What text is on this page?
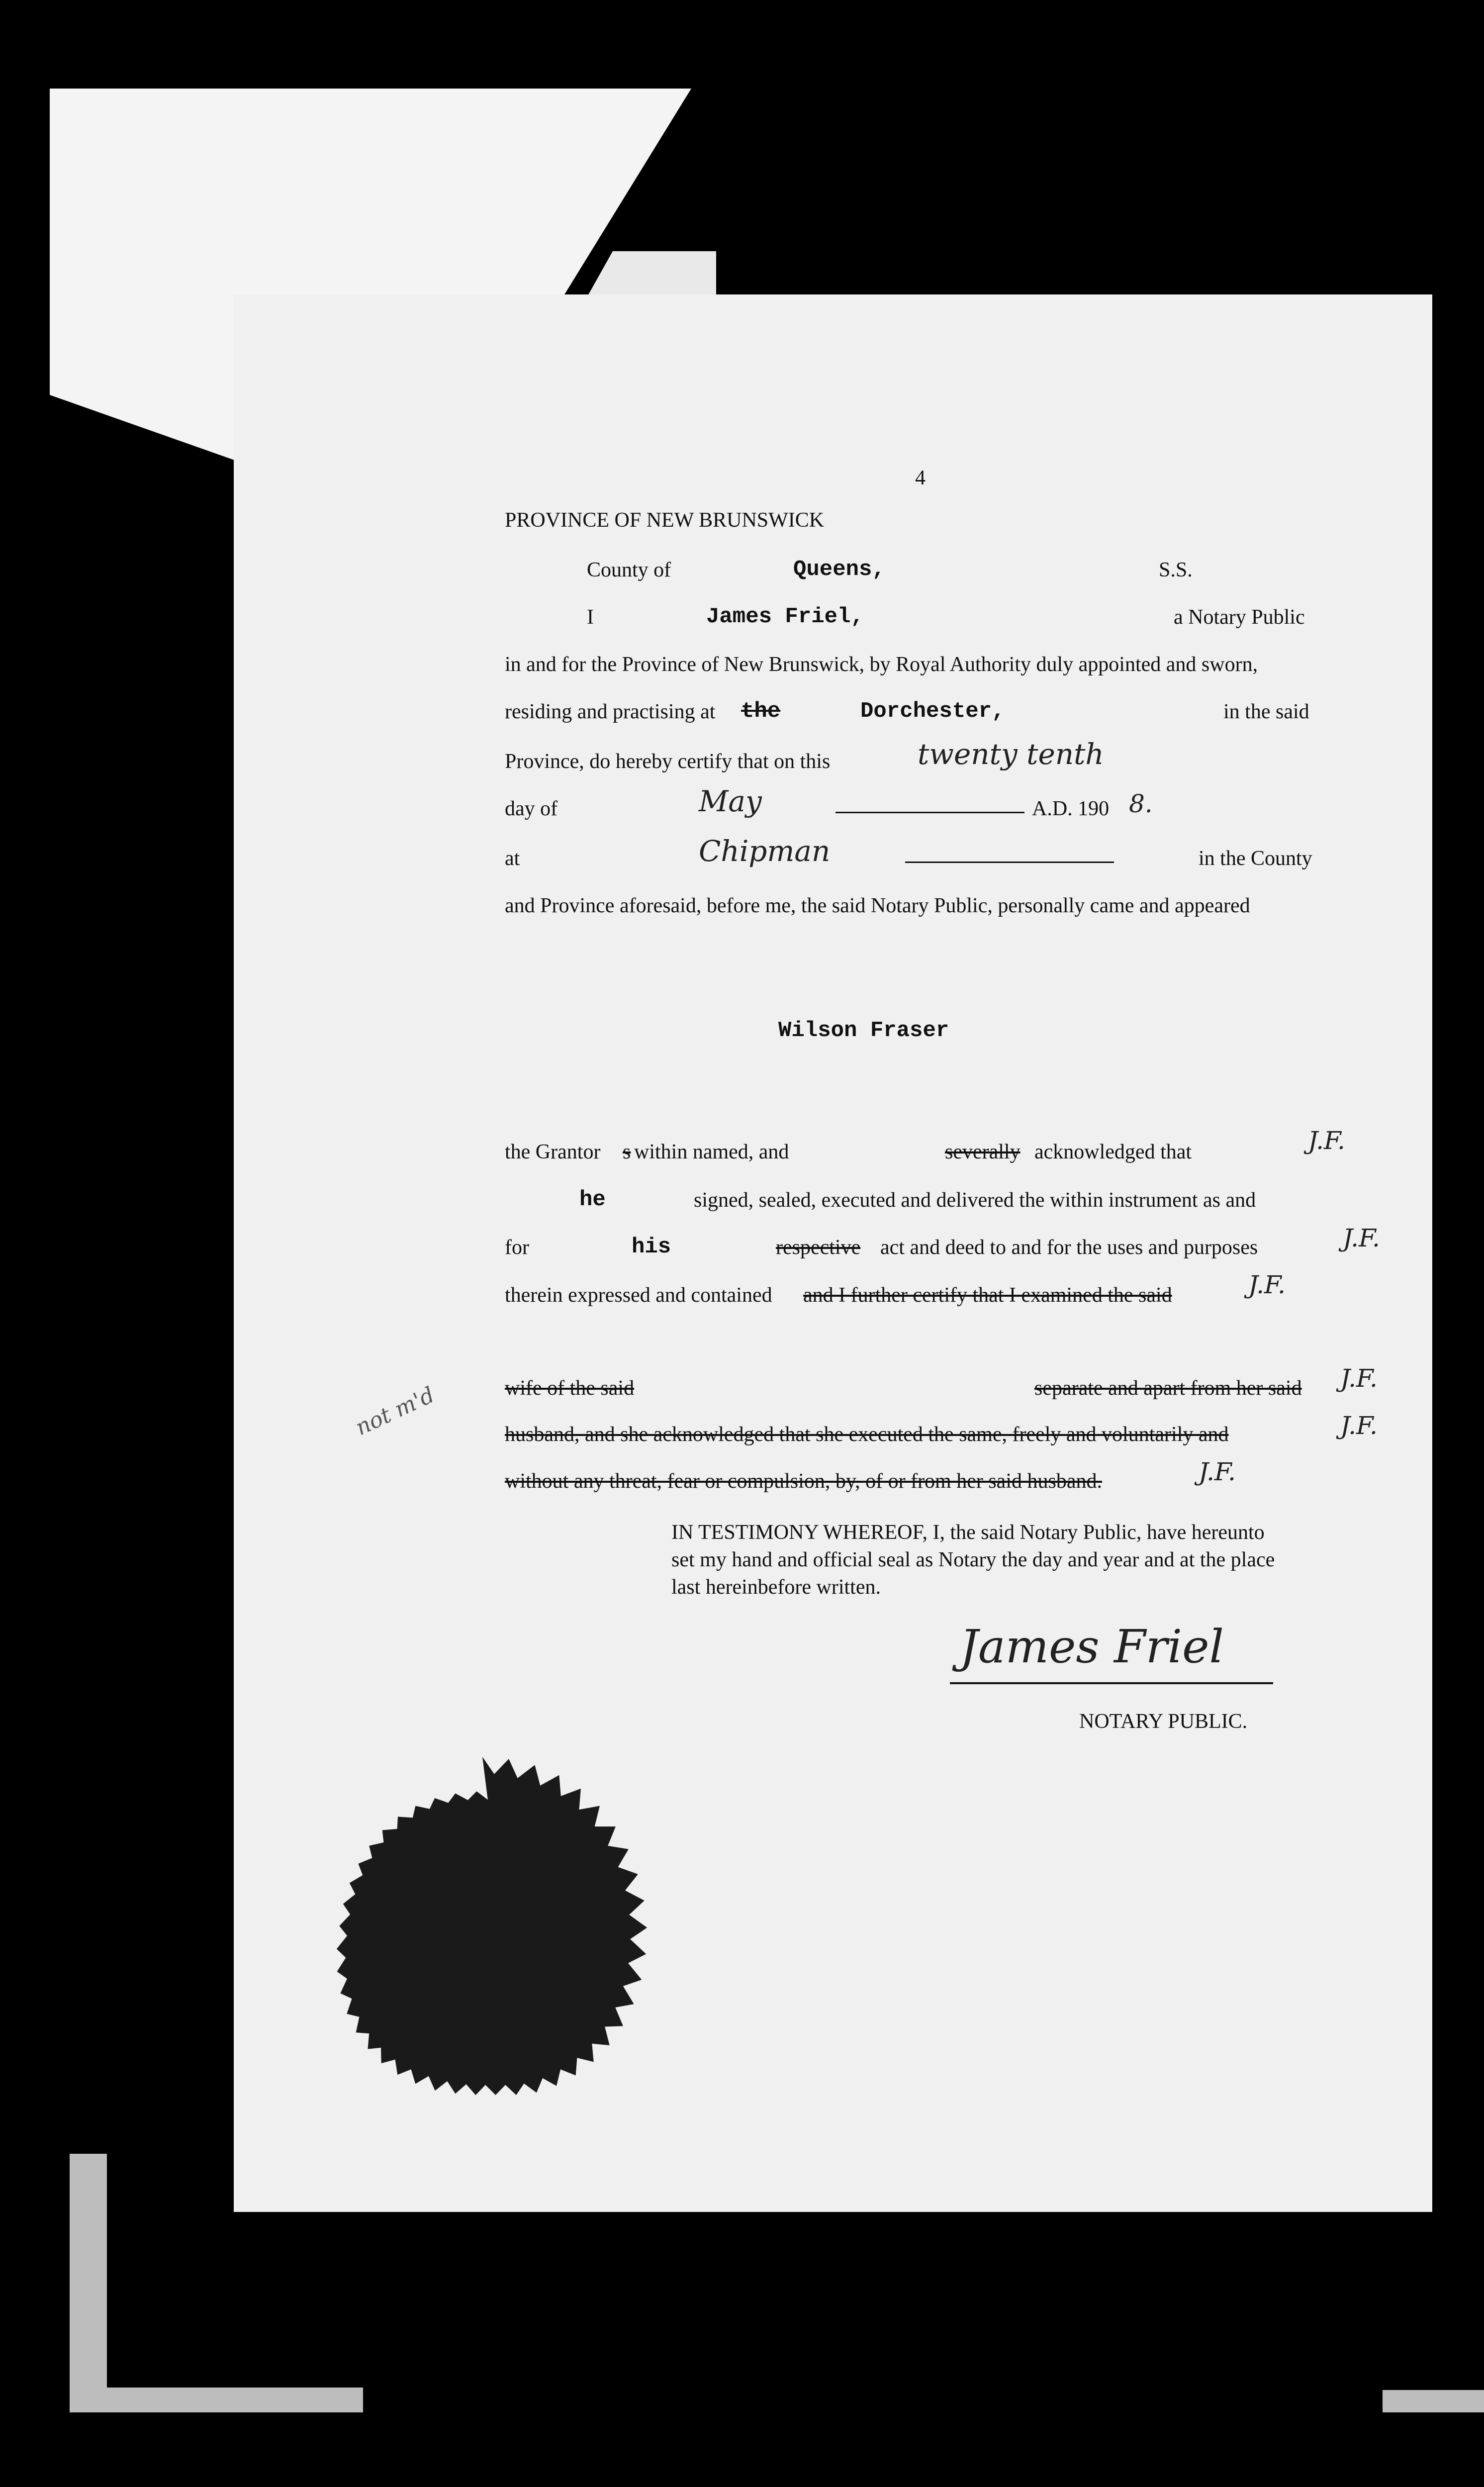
4
PROVINCE OF NEW BRUNSWICK
County of	Queens,	S.S.
I	James Friel,	a Notary Public
in and for the Province of New Brunswick, by Royal Authority duly appointed and sworn,
residing and practising at the	Dorchester,	in the said
Province, do hereby certify that on this	twenty tenth
day of	May	A.D. 190 8.
at	Chipman	in the County
and Province aforesaid, before me, the said Notary Public, personally came and appeared
Wilson Fraser
the Grantor s within named, and	severally acknowledged that	J.F.
he	signed, sealed, executed and delivered the within instrument as and
for	his	respective act and deed to and for the uses and purposes	J.F.
therein expressed and contained and I further certify that I examined the said	J.F.
wife of the said	separate and apart from her said J.F.
husband, and she acknowledged that she executed the same, freely and voluntarily and	J.F.
without any threat, fear or compulsion, by, of or from her said husband.	J.F.
not m'd
IN TESTIMONY WHEREOF, I, the said Notary Public, have hereunto
set my hand and official seal as Notary the day and year and at the place
last hereinbefore written.
James Friel
NOTARY PUBLIC.
